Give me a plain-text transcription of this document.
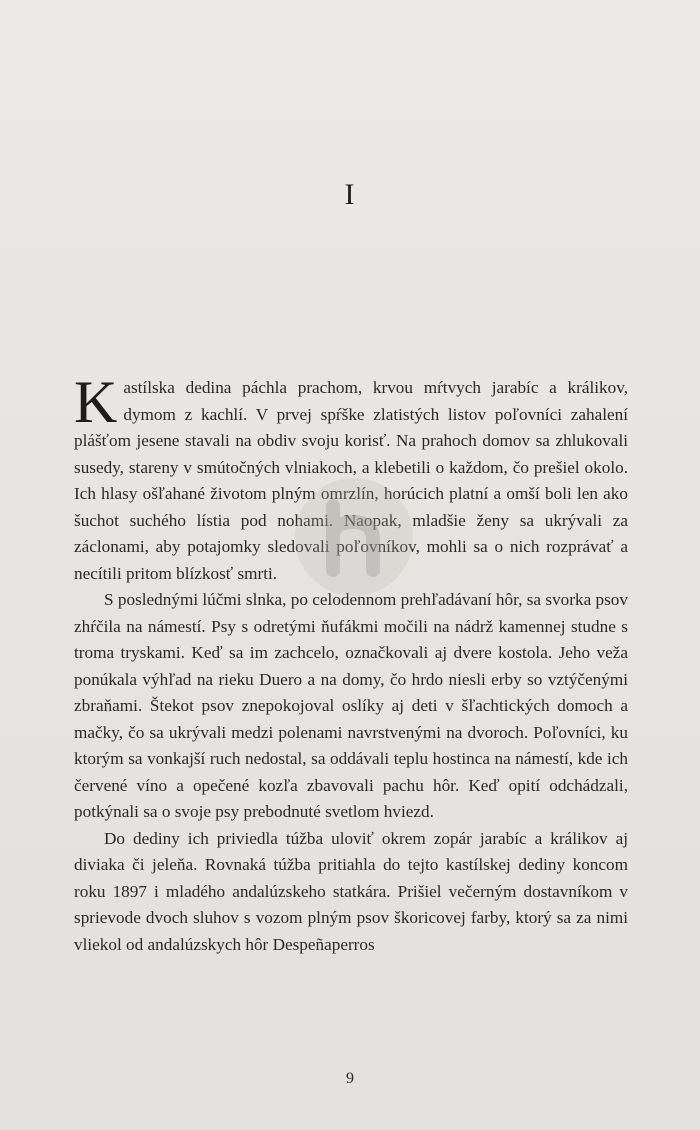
I

Kastílska dedina páchla prachom, krvou mŕtvych jarabíc a králikov, dymom z kachlí. V prvej spŕške zlatistých listov poľovníci zahalení plášťom jesene stavali na obdiv svoju korisť. Na prahoch domov sa zhlukovali susedy, stareny v smútočných vlniakoch, a klebetili o každom, čo prešiel okolo. Ich hlasy ošľahané životom plným omrzlín, horúcich platní a omší boli len ako šuchot suchého lístia pod nohami. Naopak, mladšie ženy sa ukrývali za záclonami, aby potajomky sledovali poľovníkov, mohli sa o nich rozprávať a necítili pritom blízkosť smrti.

S poslednými lúčmi slnka, po celodennom prehľadávaní hôr, sa svorka psov zhŕčila na námestí. Psy s odretými ňufákmi močili na nádrž kamennej studne s troma tryskami. Keď sa im zachcelo, označkovali aj dvere kostola. Jeho veža ponúkala výhľad na rieku Duero a na domy, čo hrdo niesli erby so vztýčenými zbraňami. Štekot psov znepokojoval oslíky aj deti v šľachtických domoch a mačky, čo sa ukrývali medzi polenami navrstvenými na dvoroch. Poľovníci, ku ktorým sa vonkajší ruch nedostal, sa oddávali teplu hostinca na námestí, kde ich červené víno a opečené kozľa zbavovali pachu hôr. Keď opití odchádzali, potkýnali sa o svoje psy prebodnuté svetlom hviezd.

Do dediny ich priviedla túžba uloviť okrem zopár jarabíc a králikov aj diviaka či jeleňa. Rovnaká túžba pritiahla do tejto kastílskej dediny koncom roku 1897 i mladého andalúzskeho statkára. Prišiel večerným dostavníkom v sprievode dvoch sluhov s vozom plným psov škoricovej farby, ktorý sa za nimi vliekol od andalúzskych hôr Despeñaperros

9
